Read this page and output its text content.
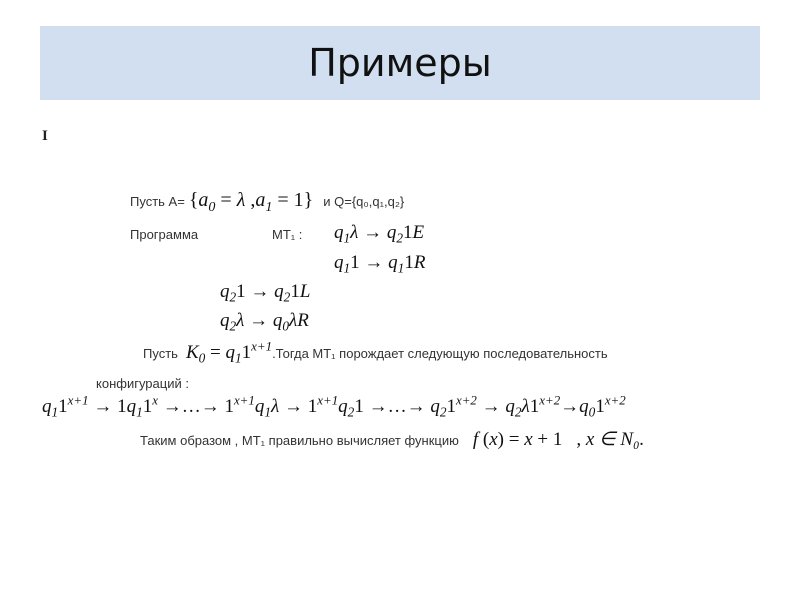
Примеры
I
Пусть $A= \{a_0 = \lambda$ $,a_1 = 1$} и Q={q₀,q₁,q₂}
Программа	МТ₁ : $q_1\lambda \to q_21E$
$q_11 \to q_11R$
$q_21 \to q_21L$
$q_2\lambda \to q_0\lambda R$
Пусть $K_0$ = $q_11^{x+1}.Тогда$ МТ₁ порождает следующую последовательность
конфигураций :
$q_11^{x+1} \to 1q_11^x$ →…→ $1^{x+1}q_1\lambda \to 1^{x+1}q_21$ →…→ $q_21^{x+2} \to q_2\lambda 1^{x+2}\to q_01^{x+2}$
Таким образом , МТ₁ правильно вычисляет функцию f (x) = x + 1 , x ∈ N₀.
